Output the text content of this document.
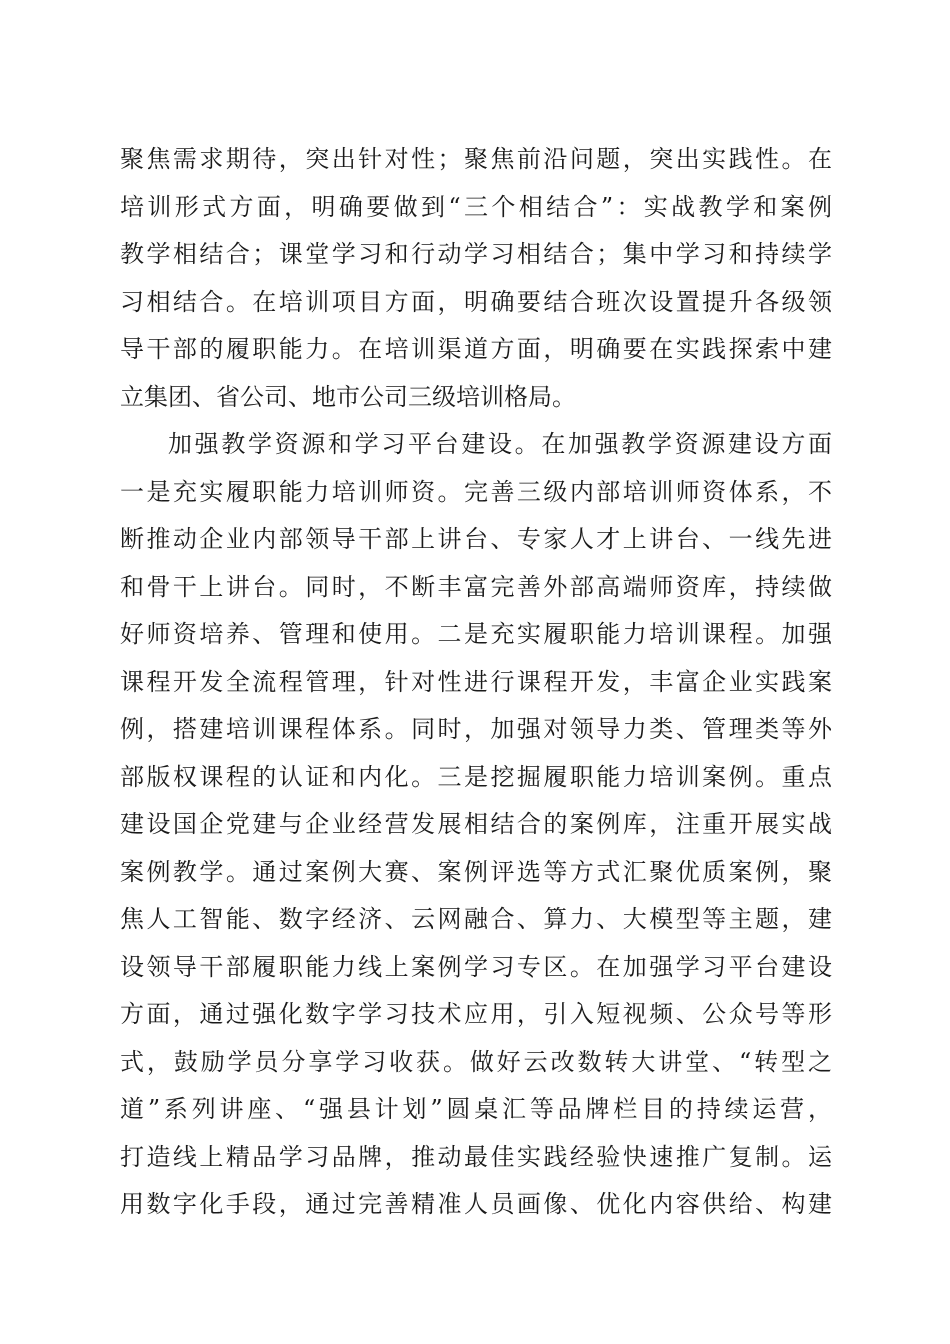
聚焦需求期待，突出针对性；聚焦前沿问题，突出实践性。在
培训形式方面，明确要做到“三个相结合”：实战教学和案例
教学相结合；课堂学习和行动学习相结合；集中学习和持续学
习相结合。在培训项目方面，明确要结合班次设置提升各级领
导干部的履职能力。在培训渠道方面，明确要在实践探索中建
立集团、省公司、地市公司三级培训格局。
加强教学资源和学习平台建设。在加强教学资源建设方面
一是充实履职能力培训师资。完善三级内部培训师资体系，不
断推动企业内部领导干部上讲台、专家人才上讲台、一线先进
和骨干上讲台。同时，不断丰富完善外部高端师资库，持续做
好师资培养、管理和使用。二是充实履职能力培训课程。加强
课程开发全流程管理，针对性进行课程开发，丰富企业实践案
例，搭建培训课程体系。同时，加强对领导力类、管理类等外
部版权课程的认证和内化。三是挖掘履职能力培训案例。重点
建设国企党建与企业经营发展相结合的案例库，注重开展实战
案例教学。通过案例大赛、案例评选等方式汇聚优质案例，聚
焦人工智能、数字经济、云网融合、算力、大模型等主题，建
设领导干部履职能力线上案例学习专区。在加强学习平台建设
方面，通过强化数字学习技术应用，引入短视频、公众号等形
式，鼓励学员分享学习收获。做好云改数转大讲堂、“转型之
道”系列讲座、“强县计划”圆桌汇等品牌栏目的持续运营，
打造线上精品学习品牌，推动最佳实践经验快速推广复制。运
用数字化手段，通过完善精准人员画像、优化内容供给、构建
